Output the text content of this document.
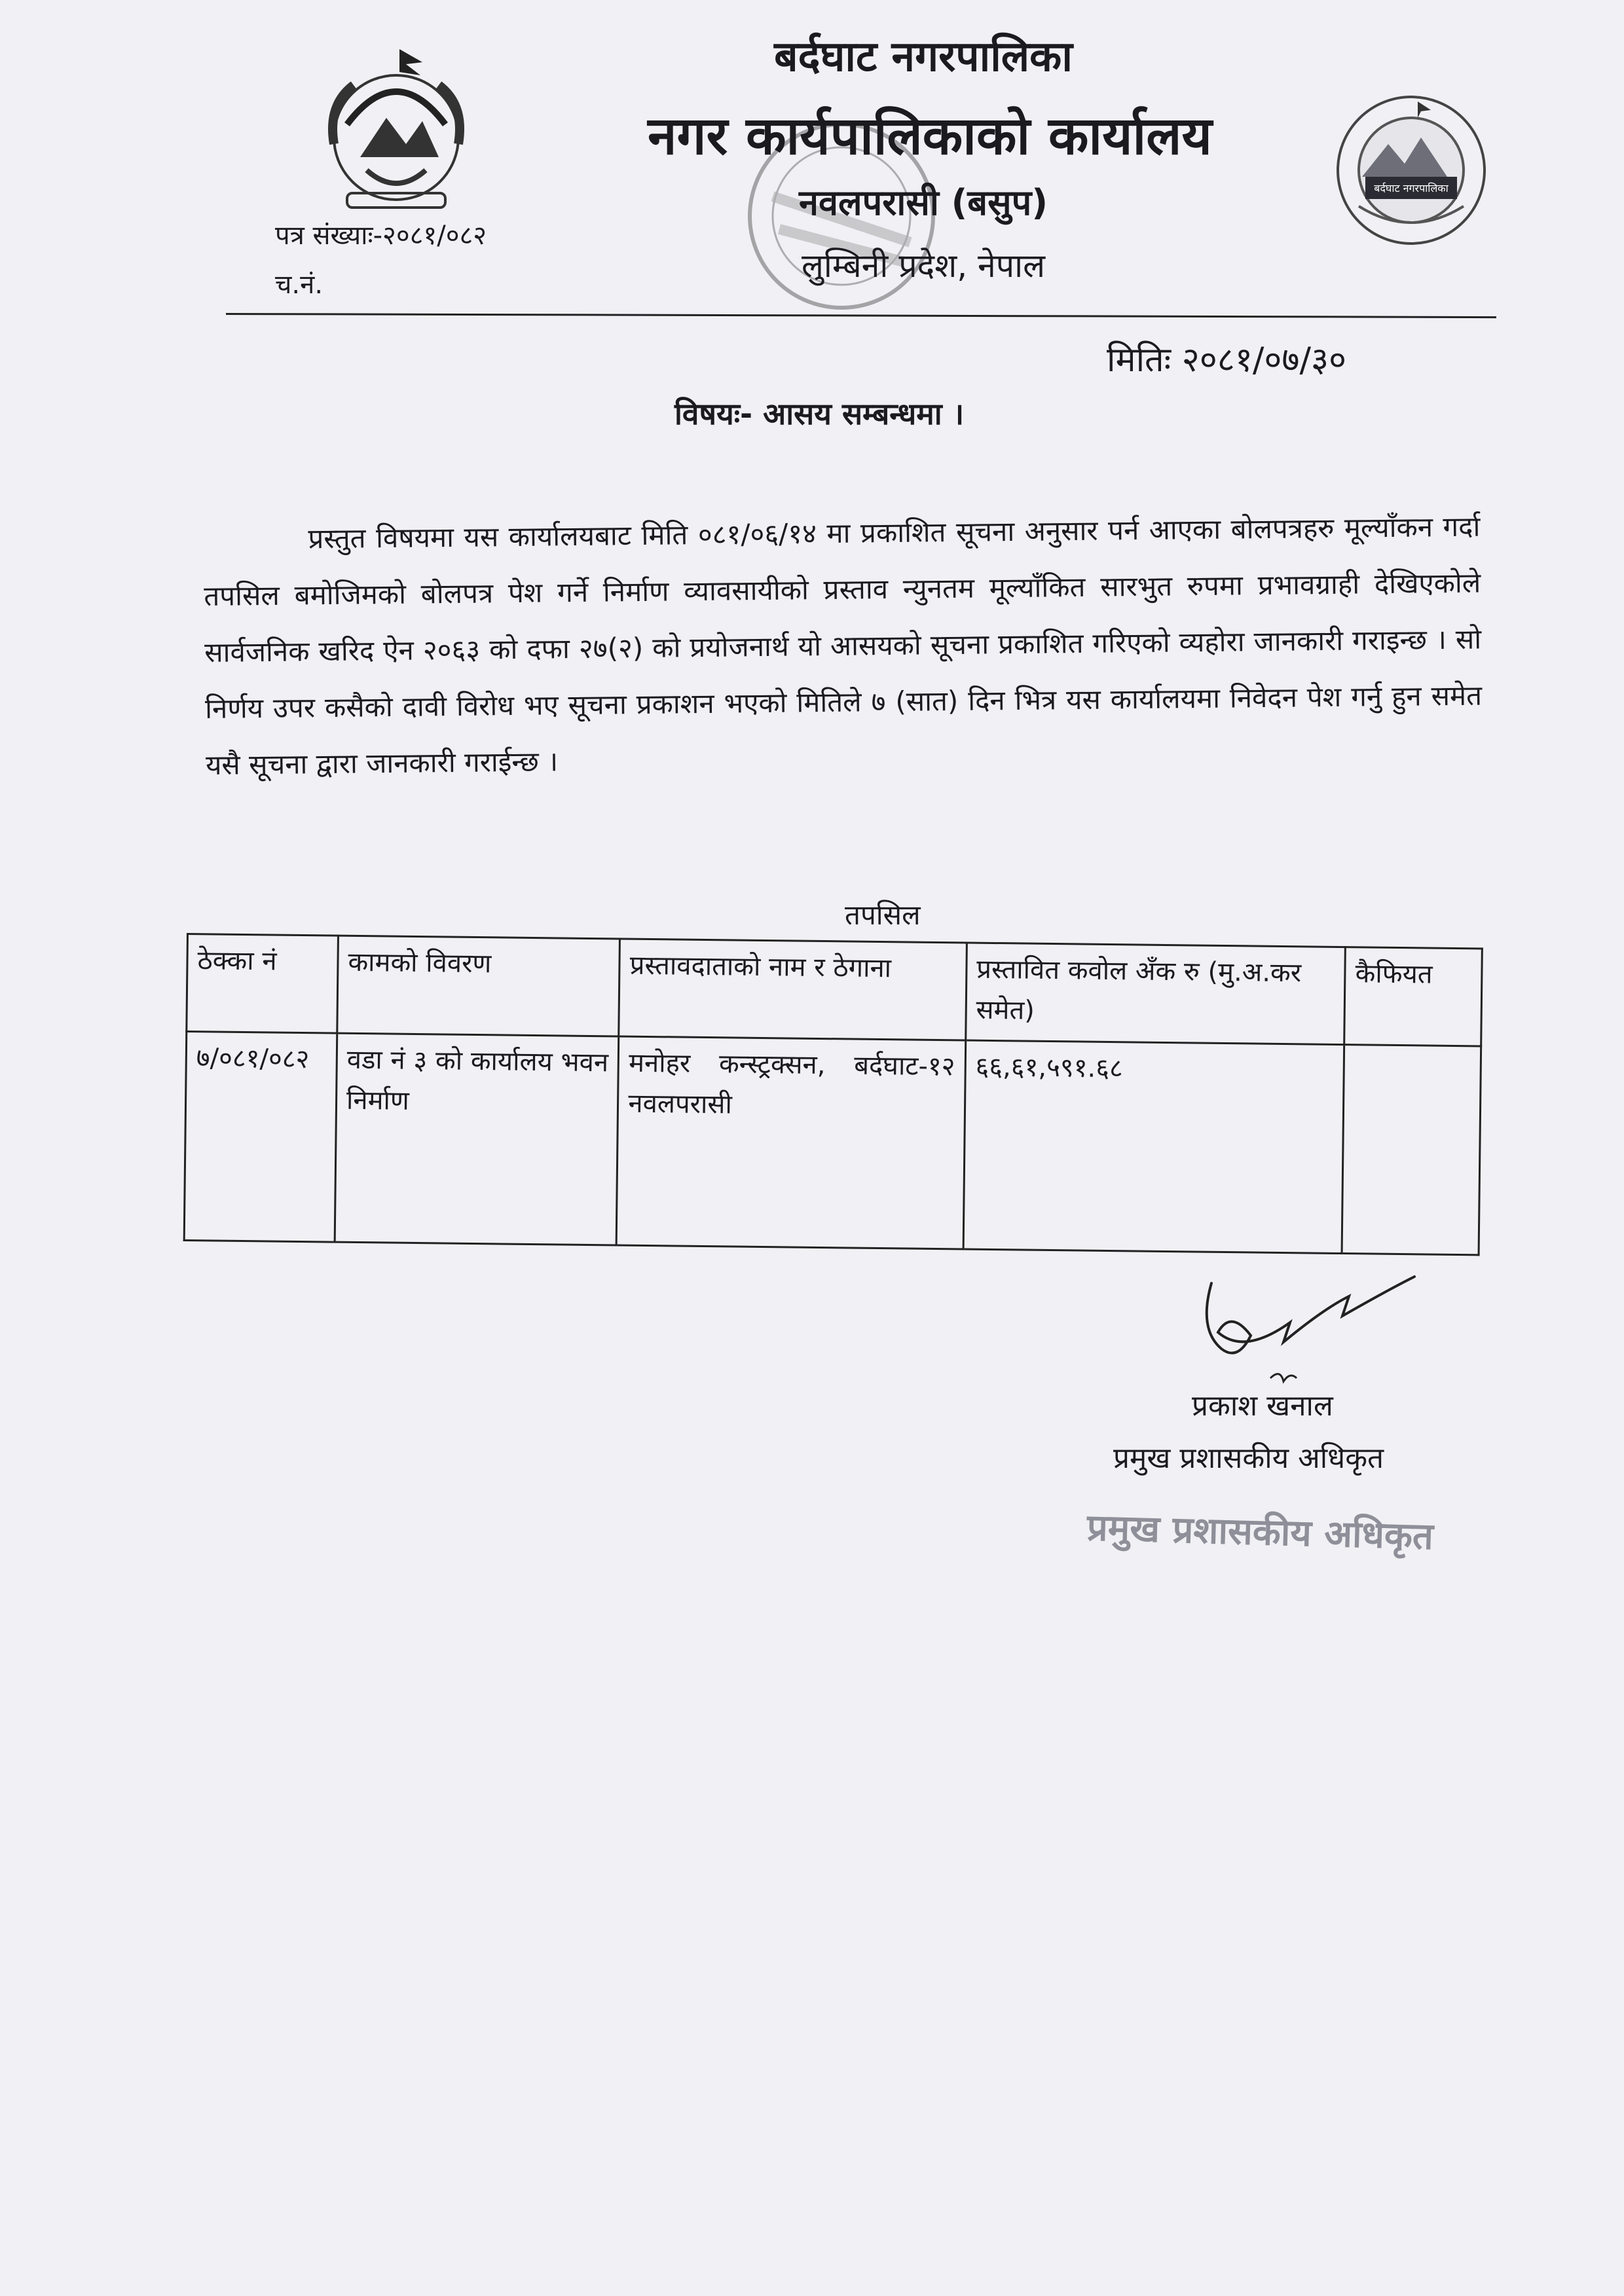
बर्दघाट नगरपालिका
बर्दघाट नगरपालिका
नगर कार्यपालिकाको कार्यालय
नवलपरासी (बसुप)
लुम्बिनी प्रदेश, नेपाल
पत्र संख्याः-२०८१/०८२
च.नं.
मितिः २०८१/०७/३०
विषयः- आसय सम्बन्धमा ।

प्रस्तुत विषयमा यस कार्यालयबाट मिति ०८१/०६/१४ मा प्रकाशित सूचना अनुसार पर्न आएका बोलपत्रहरु मूल्याँकन गर्दा तपसिल बमोजिमको बोलपत्र पेश गर्ने निर्माण व्यावसायीको प्रस्ताव न्युनतम मूल्याँकित सारभुत रुपमा प्रभावग्राही देखिएकोले सार्वजनिक खरिद ऐन २०६३ को दफा २७(२) को प्रयोजनार्थ यो आसयको सूचना प्रकाशित गरिएको व्यहोरा जानकारी गराइन्छ । सो निर्णय उपर कसैको दावी विरोध भए सूचना प्रकाशन भएको मितिले ७ (सात) दिन भित्र यस कार्यालयमा निवेदन पेश गर्नु हुन समेत यसै सूचना द्वारा जानकारी गराईन्छ ।

तपसिल
ठेक्का नं	कामको विवरण	प्रस्तावदाताको नाम र ठेगाना	प्रस्तावित कवोल अँक रु (मु.अ.कर समेत)	कैफियत
७/०८१/०८२	वडा नं ३ को कार्यालय भवन निर्माण	मनोहर कन्स्ट्रक्सन, बर्दघाट-१२ नवलपरासी	६६,६१,५९१.६८	
प्रकाश खनाल
प्रमुख प्रशासकीय अधिकृत
प्रमुख प्रशासकीय अधिकृत
